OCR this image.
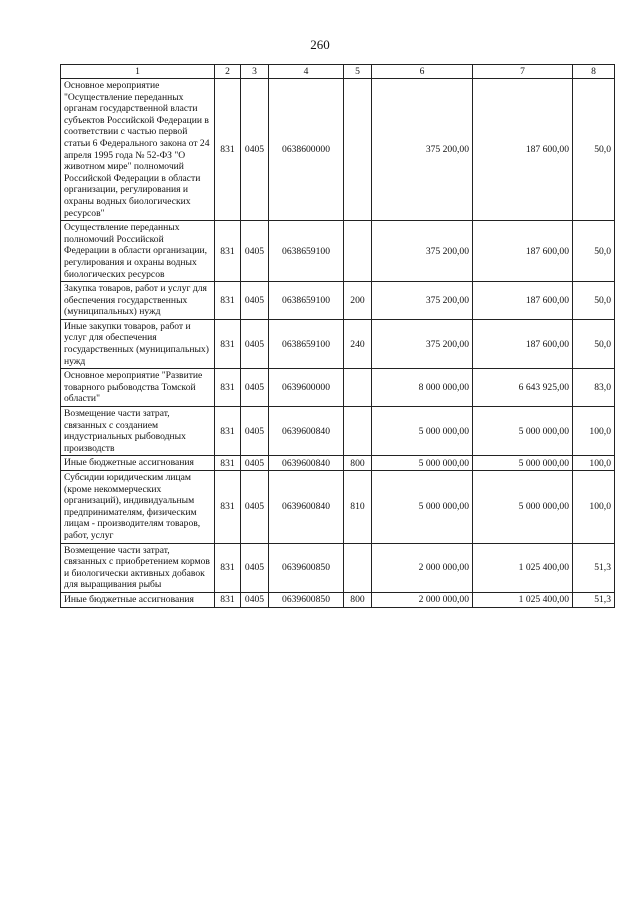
260
1	2	3	4	5	6	7	8
Основное мероприятие "Осуществление переданных органам государственной власти субъектов Российской Федерации в соответствии с частью первой статьи 6 Федерального закона от 24 апреля 1995 года № 52-ФЗ "О животном мире" полномочий Российской Федерации в области организации, регулирования и охраны водных биологических ресурсов"	831	0405	0638600000		375 200,00	187 600,00	50,0
Осуществление переданных полномочий Российской Федерации в области организации, регулирования и охраны водных биологических ресурсов	831	0405	0638659100		375 200,00	187 600,00	50,0
Закупка товаров, работ и услуг для обеспечения государственных (муниципальных) нужд	831	0405	0638659100	200	375 200,00	187 600,00	50,0
Иные закупки товаров, работ и услуг для обеспечения государственных (муниципальных) нужд	831	0405	0638659100	240	375 200,00	187 600,00	50,0
Основное мероприятие "Развитие товарного рыбоводства Томской области"	831	0405	0639600000		8 000 000,00	6 643 925,00	83,0
Возмещение части затрат, связанных с созданием индустриальных рыбоводных производств	831	0405	0639600840		5 000 000,00	5 000 000,00	100,0
Иные бюджетные ассигнования	831	0405	0639600840	800	5 000 000,00	5 000 000,00	100,0
Субсидии юридическим лицам (кроме некоммерческих организаций), индивидуальным предпринимателям, физическим лицам - производителям товаров, работ, услуг	831	0405	0639600840	810	5 000 000,00	5 000 000,00	100,0
Возмещение части затрат, связанных с приобретением кормов и биологически активных добавок для выращивания рыбы	831	0405	0639600850		2 000 000,00	1 025 400,00	51,3
Иные бюджетные ассигнования	831	0405	0639600850	800	2 000 000,00	1 025 400,00	51,3
